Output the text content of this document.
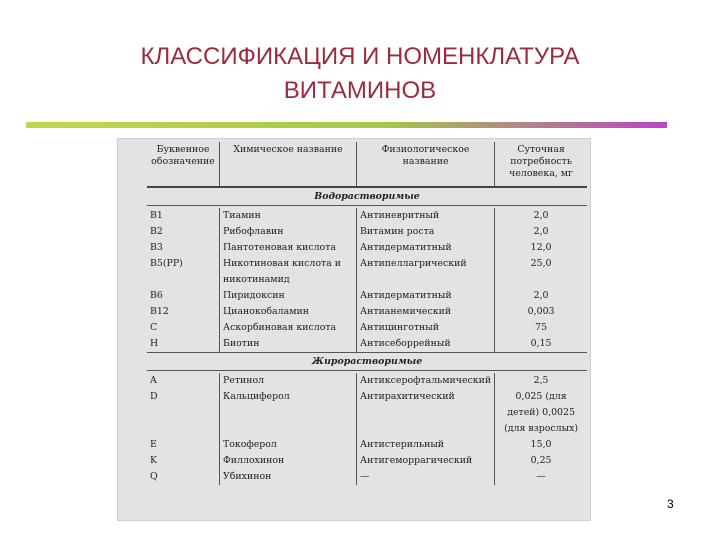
КЛАССИФИКАЦИЯ И НОМЕНКЛАТУРА
ВИТАМИНОВ
Буквенное обозначение	Химическое название	Физиологическое название	Суточная потребность человека, мг
Водорастворимые			

B1	Тиамин	Антиневритный	2,0
B2	Рибофлавин	Витамин роста	2,0
B3	Пантотеновая кислота	Антидерматитный	12,0
B5(PP)	Никотиновая кислота и никотинамид	Антипеллагрический	25,0
B6	Пиридоксин	Антидерматитный	2,0
B12	Цианокобаламин	Антианемический	0,003
C	Аскорбиновая кислота	Антицинготный	75
H	Биотин	Антисеборрейный	0,15
Жирорастворимые			

A	Ретинол	Антиксерофтальмический	2,5
D	Кальциферол	Антирахитический	0,025 (для детей) 0,0025 (для взрослых)
E	Токоферол	Антистерильный	15,0
K	Филлохинон	Антигеморрагический	0,25
Q	Убихинон	—	—
3
